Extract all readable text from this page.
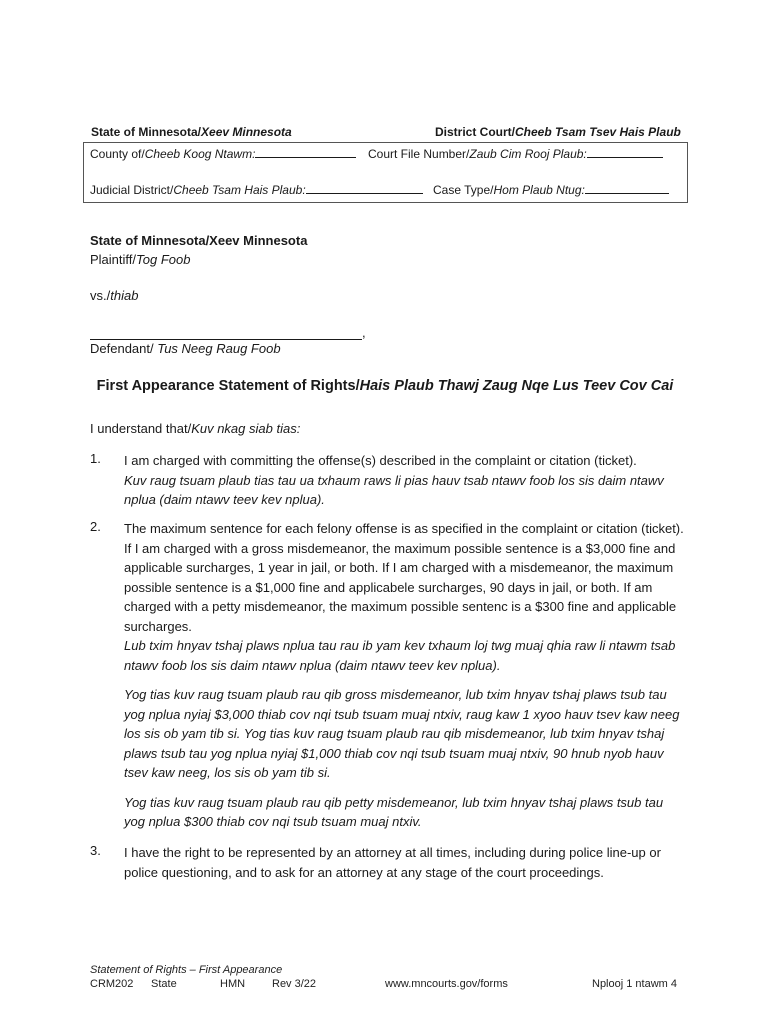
State of Minnesota/Xeev Minnesota	District Court/Cheeb Tsam Tsev Hais Plaub
County of/Cheeb Koog Ntawm:	Court File Number/Zaub Cim Rooj Plaub:
Judicial District/Cheeb Tsam Hais Plaub:	Case Type/Hom Plaub Ntug:
State of Minnesota/Xeev Minnesota
Plaintiff/Tog Foob
vs./thiab
,
Defendant/ Tus Neeg Raug Foob
First Appearance Statement of Rights/Hais Plaub Thawj Zaug Nqe Lus Teev Cov Cai
I understand that/Kuv nkag siab tias:
1. I am charged with committing the offense(s) described in the complaint or citation (ticket).

Kuv raug tsuam plaub tias tau ua txhaum raws li pias hauv tsab ntawv foob los sis daim ntawv nplua (daim ntawv teev kev nplua).

2. The maximum sentence for each felony offense is as specified in the complaint or citation (ticket). If I am charged with a gross misdemeanor, the maximum possible sentence is a $3,000 fine and applicable surcharges, 1 year in jail, or both. If I am charged with a misdemeanor, the maximum possible sentence is a $1,000 fine and applicabele surcharges, 90 days in jail, or both. If am charged with a petty misdemeanor, the maximum possible sentenc is a $300 fine and applicable surcharges.

Lub txim hnyav tshaj plaws nplua tau rau ib yam kev txhaum loj twg muaj qhia raw li ntawm tsab ntawv foob los sis daim ntawv nplua (daim ntawv teev kev nplua).

Yog tias kuv raug tsuam plaub rau qib gross misdemeanor, lub txim hnyav tshaj plaws tsub tau yog nplua nyiaj $3,000 thiab cov nqi tsub tsuam muaj ntxiv, raug kaw 1 xyoo hauv tsev kaw neeg los sis ob yam tib si. Yog tias kuv raug tsuam plaub rau qib misdemeanor, lub txim hnyav tshaj plaws tsub tau yog nplua nyiaj $1,000 thiab cov nqi tsub tsuam muaj ntxiv, 90 hnub nyob hauv tsev kaw neeg, los sis ob yam tib si.

Yog tias kuv raug tsuam plaub rau qib petty misdemeanor, lub txim hnyav tshaj plaws tsub tau yog nplua $300 thiab cov nqi tsub tsuam muaj ntxiv.

3. I have the right to be represented by an attorney at all times, including during police line-up or police questioning, and to ask for an attorney at any stage of the court proceedings.

Statement of Rights – First Appearance
CRM202 State	HMN Rev 3/22	www.mncourts.gov/forms	Nplooj 1 ntawm 4
